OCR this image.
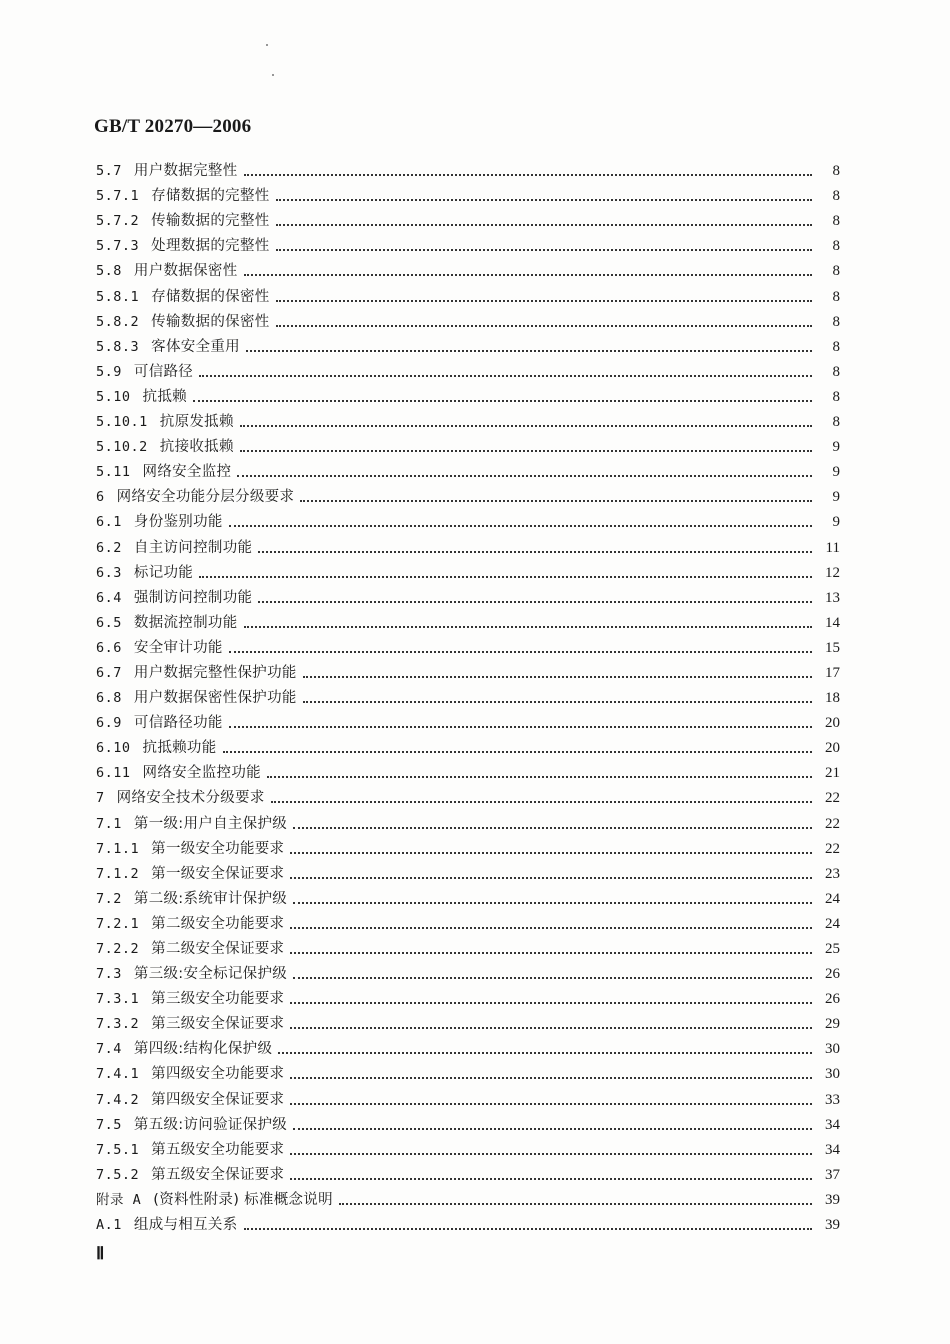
GB/T 20270—2006
5.7 用户数据完整性	8
5.7.1 存储数据的完整性	8
5.7.2 传输数据的完整性	8
5.7.3 处理数据的完整性	8
5.8 用户数据保密性	8
5.8.1 存储数据的保密性	8
5.8.2 传输数据的保密性	8
5.8.3 客体安全重用	8
5.9 可信路径	8
5.10 抗抵赖	8
5.10.1 抗原发抵赖	8
5.10.2 抗接收抵赖	9
5.11 网络安全监控	9
6 网络安全功能分层分级要求	9
6.1 身份鉴别功能	9
6.2 自主访问控制功能	11
6.3 标记功能	12
6.4 强制访问控制功能	13
6.5 数据流控制功能	14
6.6 安全审计功能	15
6.7 用户数据完整性保护功能	17
6.8 用户数据保密性保护功能	18
6.9 可信路径功能	20
6.10 抗抵赖功能	20
6.11 网络安全监控功能	21
7 网络安全技术分级要求	22
7.1 第一级:用户自主保护级	22
7.1.1 第一级安全功能要求	22
7.1.2 第一级安全保证要求	23
7.2 第二级:系统审计保护级	24
7.2.1 第二级安全功能要求	24
7.2.2 第二级安全保证要求	25
7.3 第三级:安全标记保护级	26
7.3.1 第三级安全功能要求	26
7.3.2 第三级安全保证要求	29
7.4 第四级:结构化保护级	30
7.4.1 第四级安全功能要求	30
7.4.2 第四级安全保证要求	33
7.5 第五级:访问验证保护级	34
7.5.1 第五级安全功能要求	34
7.5.2 第五级安全保证要求	37
附录 A (资料性附录) 标准概念说明	39
A.1 组成与相互关系	39
Ⅱ
